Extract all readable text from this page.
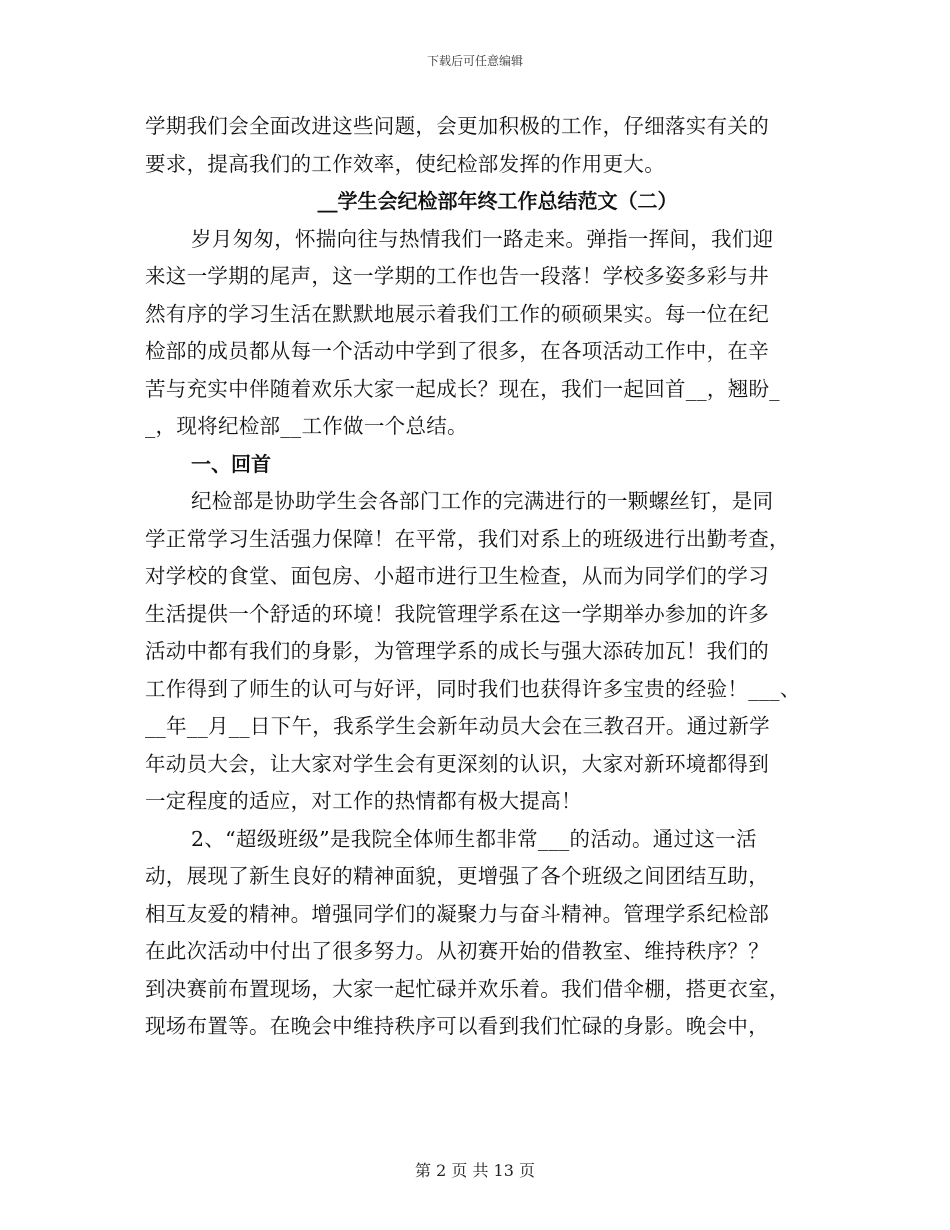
下载后可任意编辑
学期我们会全面改进这些问题，会更加积极的工作，仔细落实有关的
要求，提高我们的工作效率，使纪检部发挥的作用更大。
__学生会纪检部年终工作总结范文（二）
岁月匆匆，怀揣向往与热情我们一路走来。弹指一挥间，我们迎
来这一学期的尾声，这一学期的工作也告一段落！学校多姿多彩与井
然有序的学习生活在默默地展示着我们工作的硕硕果实。每一位在纪
检部的成员都从每一个活动中学到了很多，在各项活动工作中，在辛
苦与充实中伴随着欢乐大家一起成长？现在，我们一起回首__，翘盼_
_，现将纪检部__工作做一个总结。
一、回首
纪检部是协助学生会各部门工作的完满进行的一颗螺丝钉，是同
学正常学习生活强力保障！在平常，我们对系上的班级进行出勤考查，
对学校的食堂、面包房、小超市进行卫生检查，从而为同学们的学习
生活提供一个舒适的环境！我院管理学系在这一学期举办参加的许多
活动中都有我们的身影，为管理学系的成长与强大添砖加瓦！我们的
工作得到了师生的认可与好评，同时我们也获得许多宝贵的经验！___、
__年__月__日下午，我系学生会新年动员大会在三教召开。通过新学
年动员大会，让大家对学生会有更深刻的认识，大家对新环境都得到
一定程度的适应，对工作的热情都有极大提高！
2、“超级班级”是我院全体师生都非常___的活动。通过这一活
动，展现了新生良好的精神面貌，更增强了各个班级之间团结互助，
相互友爱的精神。增强同学们的凝聚力与奋斗精神。管理学系纪检部
在此次活动中付出了很多努力。从初赛开始的借教室、维持秩序？？
到决赛前布置现场，大家一起忙碌并欢乐着。我们借伞棚，搭更衣室，
现场布置等。在晚会中维持秩序可以看到我们忙碌的身影。晚会中，
第 2 页 共 13 页
